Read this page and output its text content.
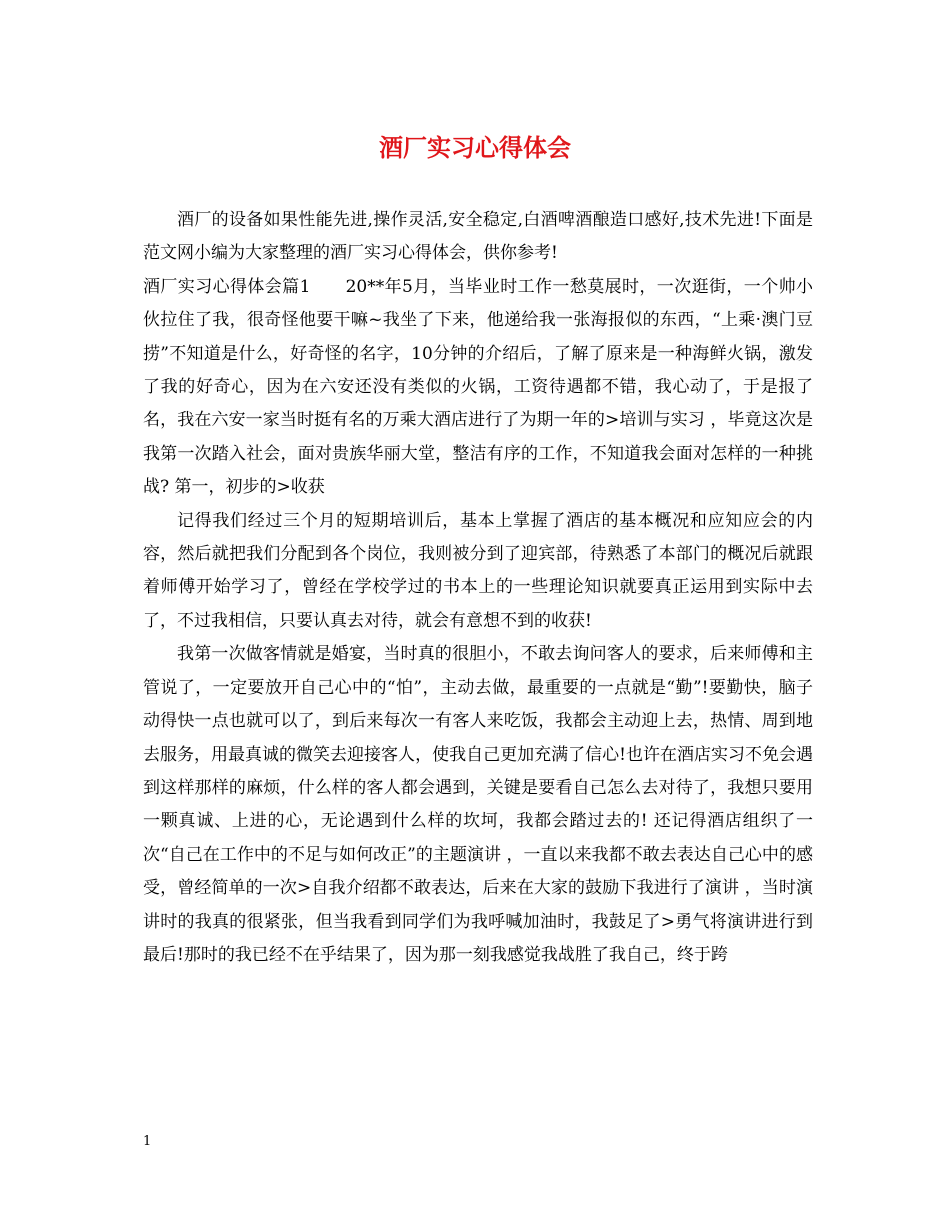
酒厂实习心得体会

酒厂的设备如果性能先进,操作灵活,安全稳定,白酒啤酒酿造口感好,技术先进!下面是范文网小编为大家整理的酒厂实习心得体会，供你参考!

酒厂实习心得体会篇1　　20**年5月，当毕业时工作一愁莫展时，一次逛街，一个帅小伙拉住了我，很奇怪他要干嘛~我坐了下来，他递给我一张海报似的东西，“上乘·澳门豆捞”不知道是什么，好奇怪的名字，10分钟的介绍后，了解了原来是一种海鲜火锅，激发了我的好奇心，因为在六安还没有类似的火锅，工资待遇都不错，我心动了，于是报了名，我在六安一家当时挺有名的万乘大酒店进行了为期一年的>培训与实习 ，毕竟这次是我第一次踏入社会，面对贵族华丽大堂，整洁有序的工作，不知道我会面对怎样的一种挑战? 第一，初步的>收获

记得我们经过三个月的短期培训后，基本上掌握了酒店的基本概况和应知应会的内容，然后就把我们分配到各个岗位，我则被分到了迎宾部，待熟悉了本部门的概况后就跟着师傅开始学习了，曾经在学校学过的书本上的一些理论知识就要真正运用到实际中去了，不过我相信，只要认真去对待，就会有意想不到的收获!

我第一次做客情就是婚宴，当时真的很胆小，不敢去询问客人的要求，后来师傅和主管说了，一定要放开自己心中的“怕”，主动去做，最重要的一点就是“勤”!要勤快，脑子动得快一点也就可以了，到后来每次一有客人来吃饭，我都会主动迎上去，热情、周到地去服务，用最真诚的微笑去迎接客人，使我自己更加充满了信心!也许在酒店实习不免会遇到这样那样的麻烦，什么样的客人都会遇到，关键是要看自己怎么去对待了，我想只要用一颗真诚、上进的心，无论遇到什么样的坎坷，我都会踏过去的! 还记得酒店组织了一次“自己在工作中的不足与如何改正”的主题演讲 ，一直以来我都不敢去表达自己心中的感受，曾经简单的一次>自我介绍都不敢表达，后来在大家的鼓励下我进行了演讲 ，当时演讲时的我真的很紧张，但当我看到同学们为我呼喊加油时，我鼓足了>勇气将演讲进行到最后!那时的我已经不在乎结果了，因为那一刻我感觉我战胜了我自己，终于跨

1
